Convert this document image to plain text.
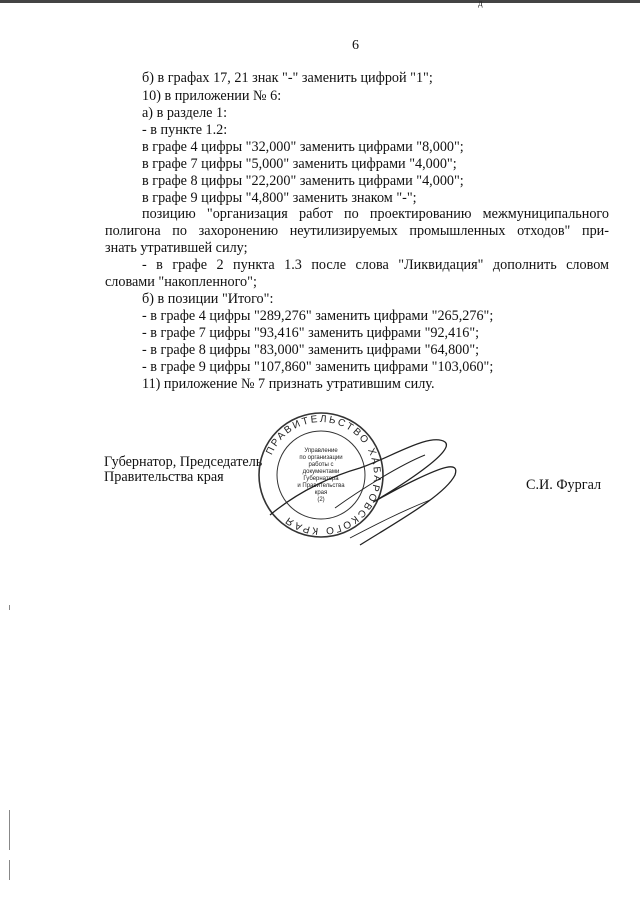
д
6
б) в графах 17, 21 знак "-" заменить цифрой "1";
10) в приложении № 6:
а) в разделе 1:
- в пункте 1.2:
в графе 4 цифры "32,000" заменить цифрами "8,000";
в графе 7 цифры "5,000" заменить цифрами "4,000";
в графе 8 цифры "22,200" заменить цифрами "4,000";
в графе 9 цифры "4,800" заменить знаком "-";
позицию "организация работ по проектированию межмуниципального
полигона по захоронению неутилизируемых промышленных отходов" при-
знать утратившей силу;
- в графе 2 пункта 1.3 после слова "Ликвидация" дополнить словом
словами "накопленного";
б) в позиции "Итого":
- в графе 4 цифры "289,276" заменить цифрами "265,276";
- в графе 7 цифры "93,416" заменить цифрами "92,416";
- в графе 8 цифры "83,000" заменить цифрами "64,800";
- в графе 9 цифры "107,860" заменить цифрами "103,060";
11) приложение № 7 признать утратившим силу.
Губернатор, Председатель
Правительства края	С.И. Фургал
ПРАВИТЕЛЬСТВО ХАБАРОВСКОГО КРАЯ
Управление
по организации
работы с документами
Губернатора
и Правительства
края
(2)
